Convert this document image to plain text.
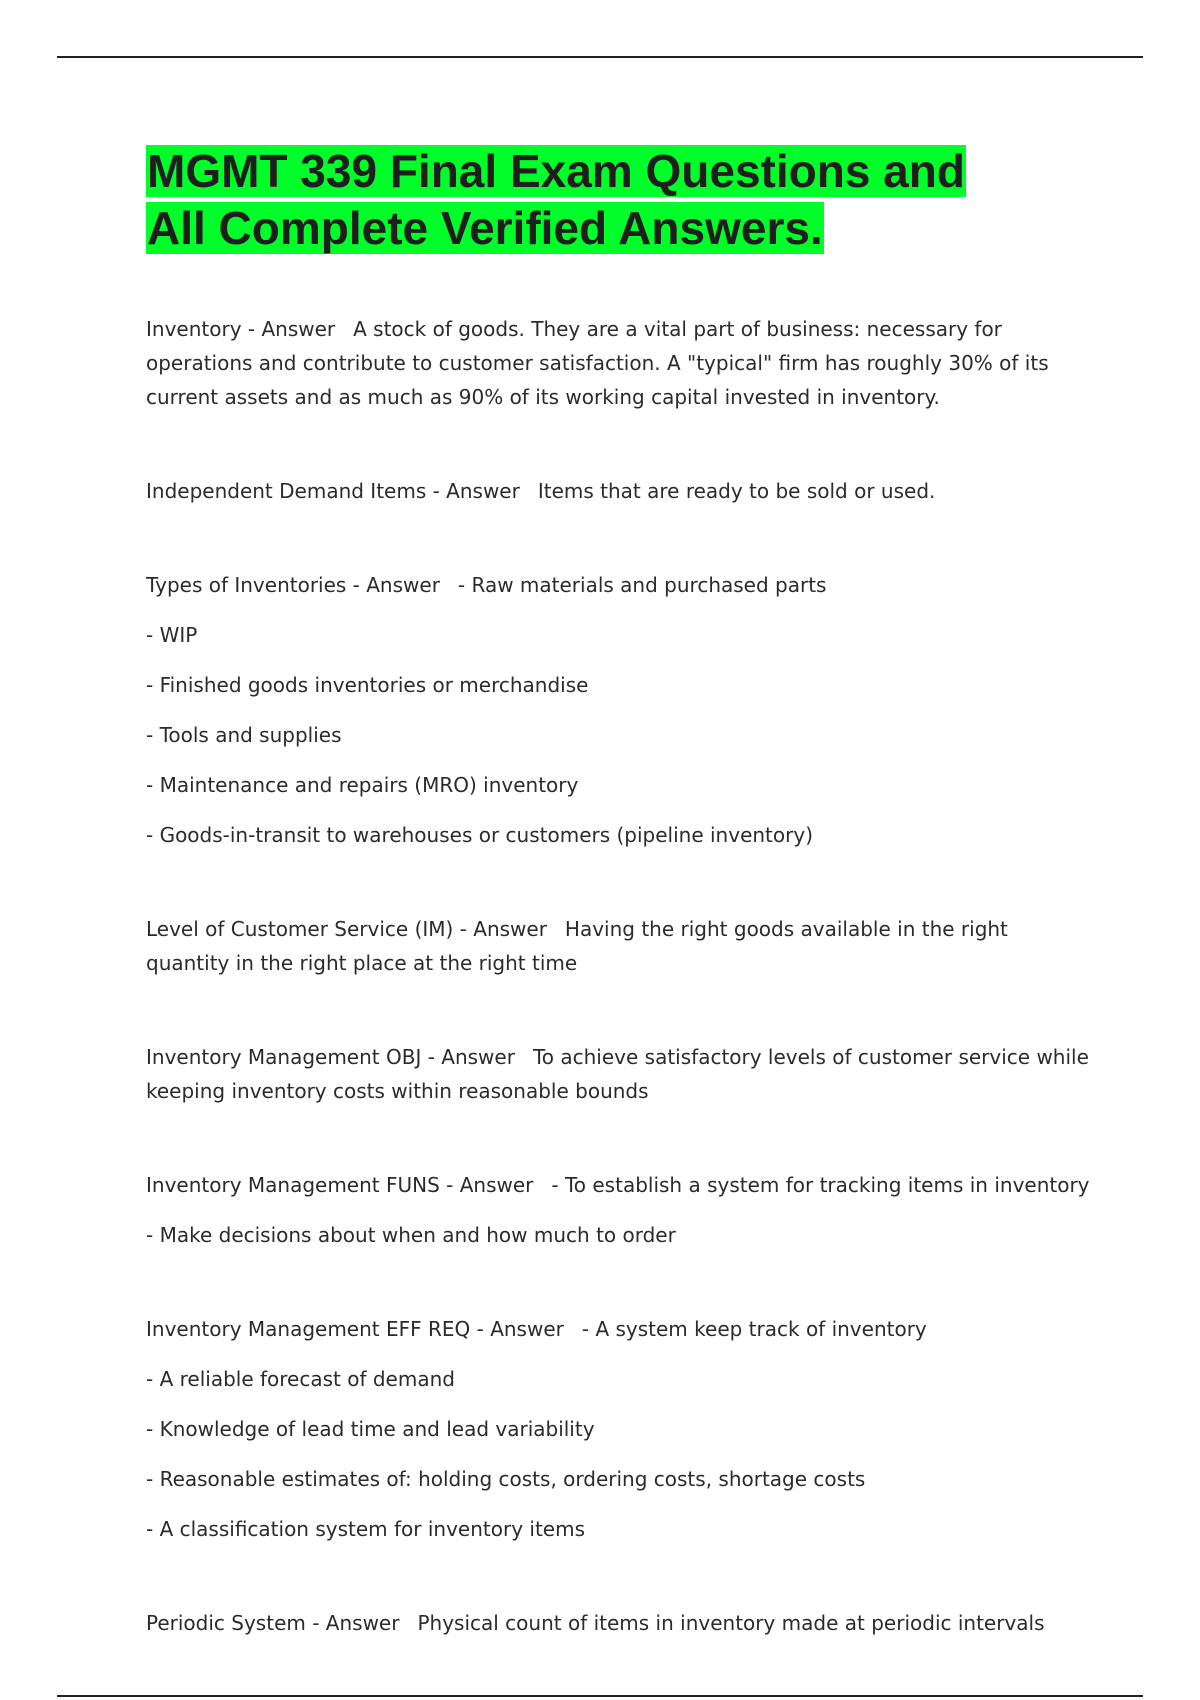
MGMT 339 Final Exam Questions and
All Complete Verified Answers.

Inventory - Answer A stock of goods. They are a vital part of business: necessary for operations and contribute to customer satisfaction. A "typical" firm has roughly 30% of its current assets and as much as 90% of its working capital invested in inventory.

Independent Demand Items - Answer Items that are ready to be sold or used.

Types of Inventories - Answer - Raw materials and purchased parts

- WIP

- Finished goods inventories or merchandise

- Tools and supplies

- Maintenance and repairs (MRO) inventory

- Goods-in-transit to warehouses or customers (pipeline inventory)

Level of Customer Service (IM) - Answer Having the right goods available in the right quantity in the right place at the right time

Inventory Management OBJ - Answer To achieve satisfactory levels of customer service while keeping inventory costs within reasonable bounds

Inventory Management FUNS - Answer - To establish a system for tracking items in inventory

- Make decisions about when and how much to order

Inventory Management EFF REQ - Answer - A system keep track of inventory

- A reliable forecast of demand

- Knowledge of lead time and lead variability

- Reasonable estimates of: holding costs, ordering costs, shortage costs

- A classification system for inventory items

Periodic System - Answer Physical count of items in inventory made at periodic intervals
